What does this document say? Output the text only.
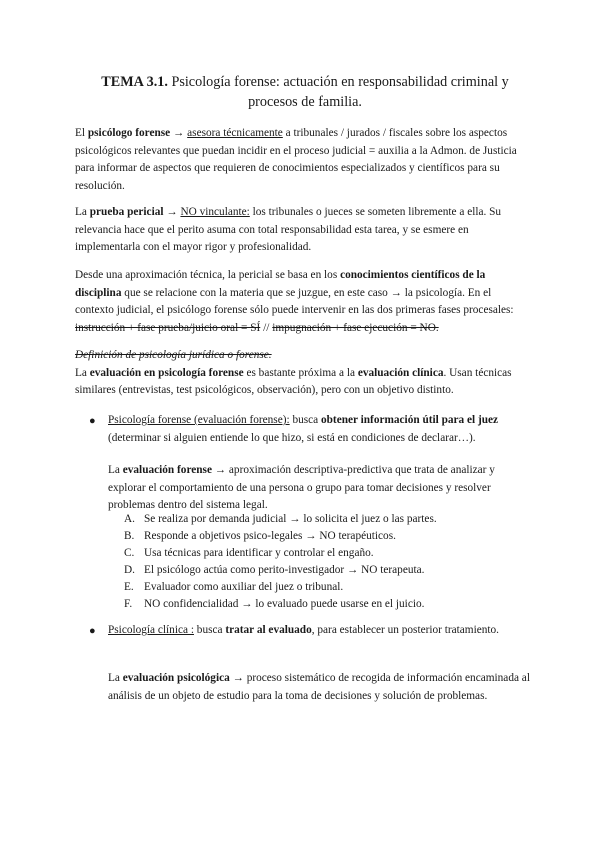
TEMA 3.1. Psicología forense: actuación en responsabilidad criminal y procesos de familia.

El psicólogo forense → asesora técnicamente a tribunales / jurados / fiscales sobre los aspectos psicológicos relevantes que puedan incidir en el proceso judicial = auxilia a la Admon. de Justicia para informar de aspectos que requieren de conocimientos especializados y científicos para su resolución.

La prueba pericial → NO vinculante: los tribunales o jueces se someten libremente a ella. Su relevancia hace que el perito asuma con total responsabilidad esta tarea, y se esmere en implementarla con el mayor rigor y profesionalidad.

Desde una aproximación técnica, la pericial se basa en los conocimientos científicos de la disciplina que se relacione con la materia que se juzgue, en este caso → la psicología. En el contexto judicial, el psicólogo forense sólo puede intervenir en las dos primeras fases procesales: instrucción + fase prueba/juicio oral = SÍ // impugnación + fase ejecución = NO.

Definición de psicología jurídica o forense.
La evaluación en psicología forense es bastante próxima a la evaluación clínica. Usan técnicas similares (entrevistas, test psicológicos, observación), pero con un objetivo distinto.

● Psicología forense (evaluación forense): busca obtener información útil para el juez (determinar si alguien entiende lo que hizo, si está en condiciones de declarar…).

La evaluación forense → aproximación descriptiva-predictiva que trata de analizar y explorar el comportamiento de una persona o grupo para tomar decisiones y resolver problemas dentro del sistema legal.

A. Se realiza por demanda judicial → lo solicita el juez o las partes.
B. Responde a objetivos psico-legales → NO terapéuticos.
C. Usa técnicas para identificar y controlar el engaño.
D. El psicólogo actúa como perito-investigador → NO terapeuta.
E. Evaluador como auxiliar del juez o tribunal.
F.	NO confidencialidad → lo evaluado puede usarse en el juicio.
● Psicología clínica : busca tratar al evaluado, para establecer un posterior tratamiento.

La evaluación psicológica → proceso sistemático de recogida de información encaminada al análisis de un objeto de estudio para la toma de decisiones y solución de problemas.
